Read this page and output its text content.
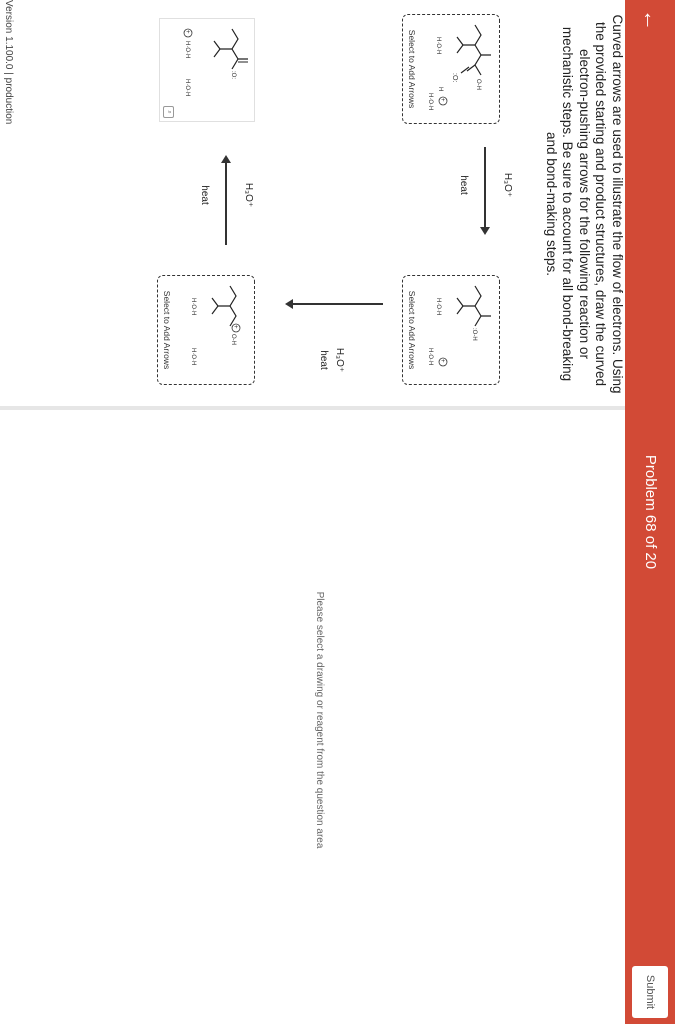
Problem 68 of 20
←
Submit
Curved arrows are used to illustrate the flow of electrons. Using the provided starting and product structures, draw the curved electron-pushing arrows for the following reaction or mechanistic steps. Be sure to account for all bond-breaking and bond-making steps.
:O:
O-H
H·O·H
H
+
H·O·H
Select to Add Arrows
H₃O⁺
heat
:O-H
H·O·H
+
H·O·H
Select to Add Arrows
H₃O⁺
heat
+
O-H
H·O·H
H·O·H
Select to Add Arrows
H₃O⁺
heat
:O:
+
H·O·H
H·O·H
⌕
Please select a drawing or reagent from the question area
Version 1.100.0 | production
